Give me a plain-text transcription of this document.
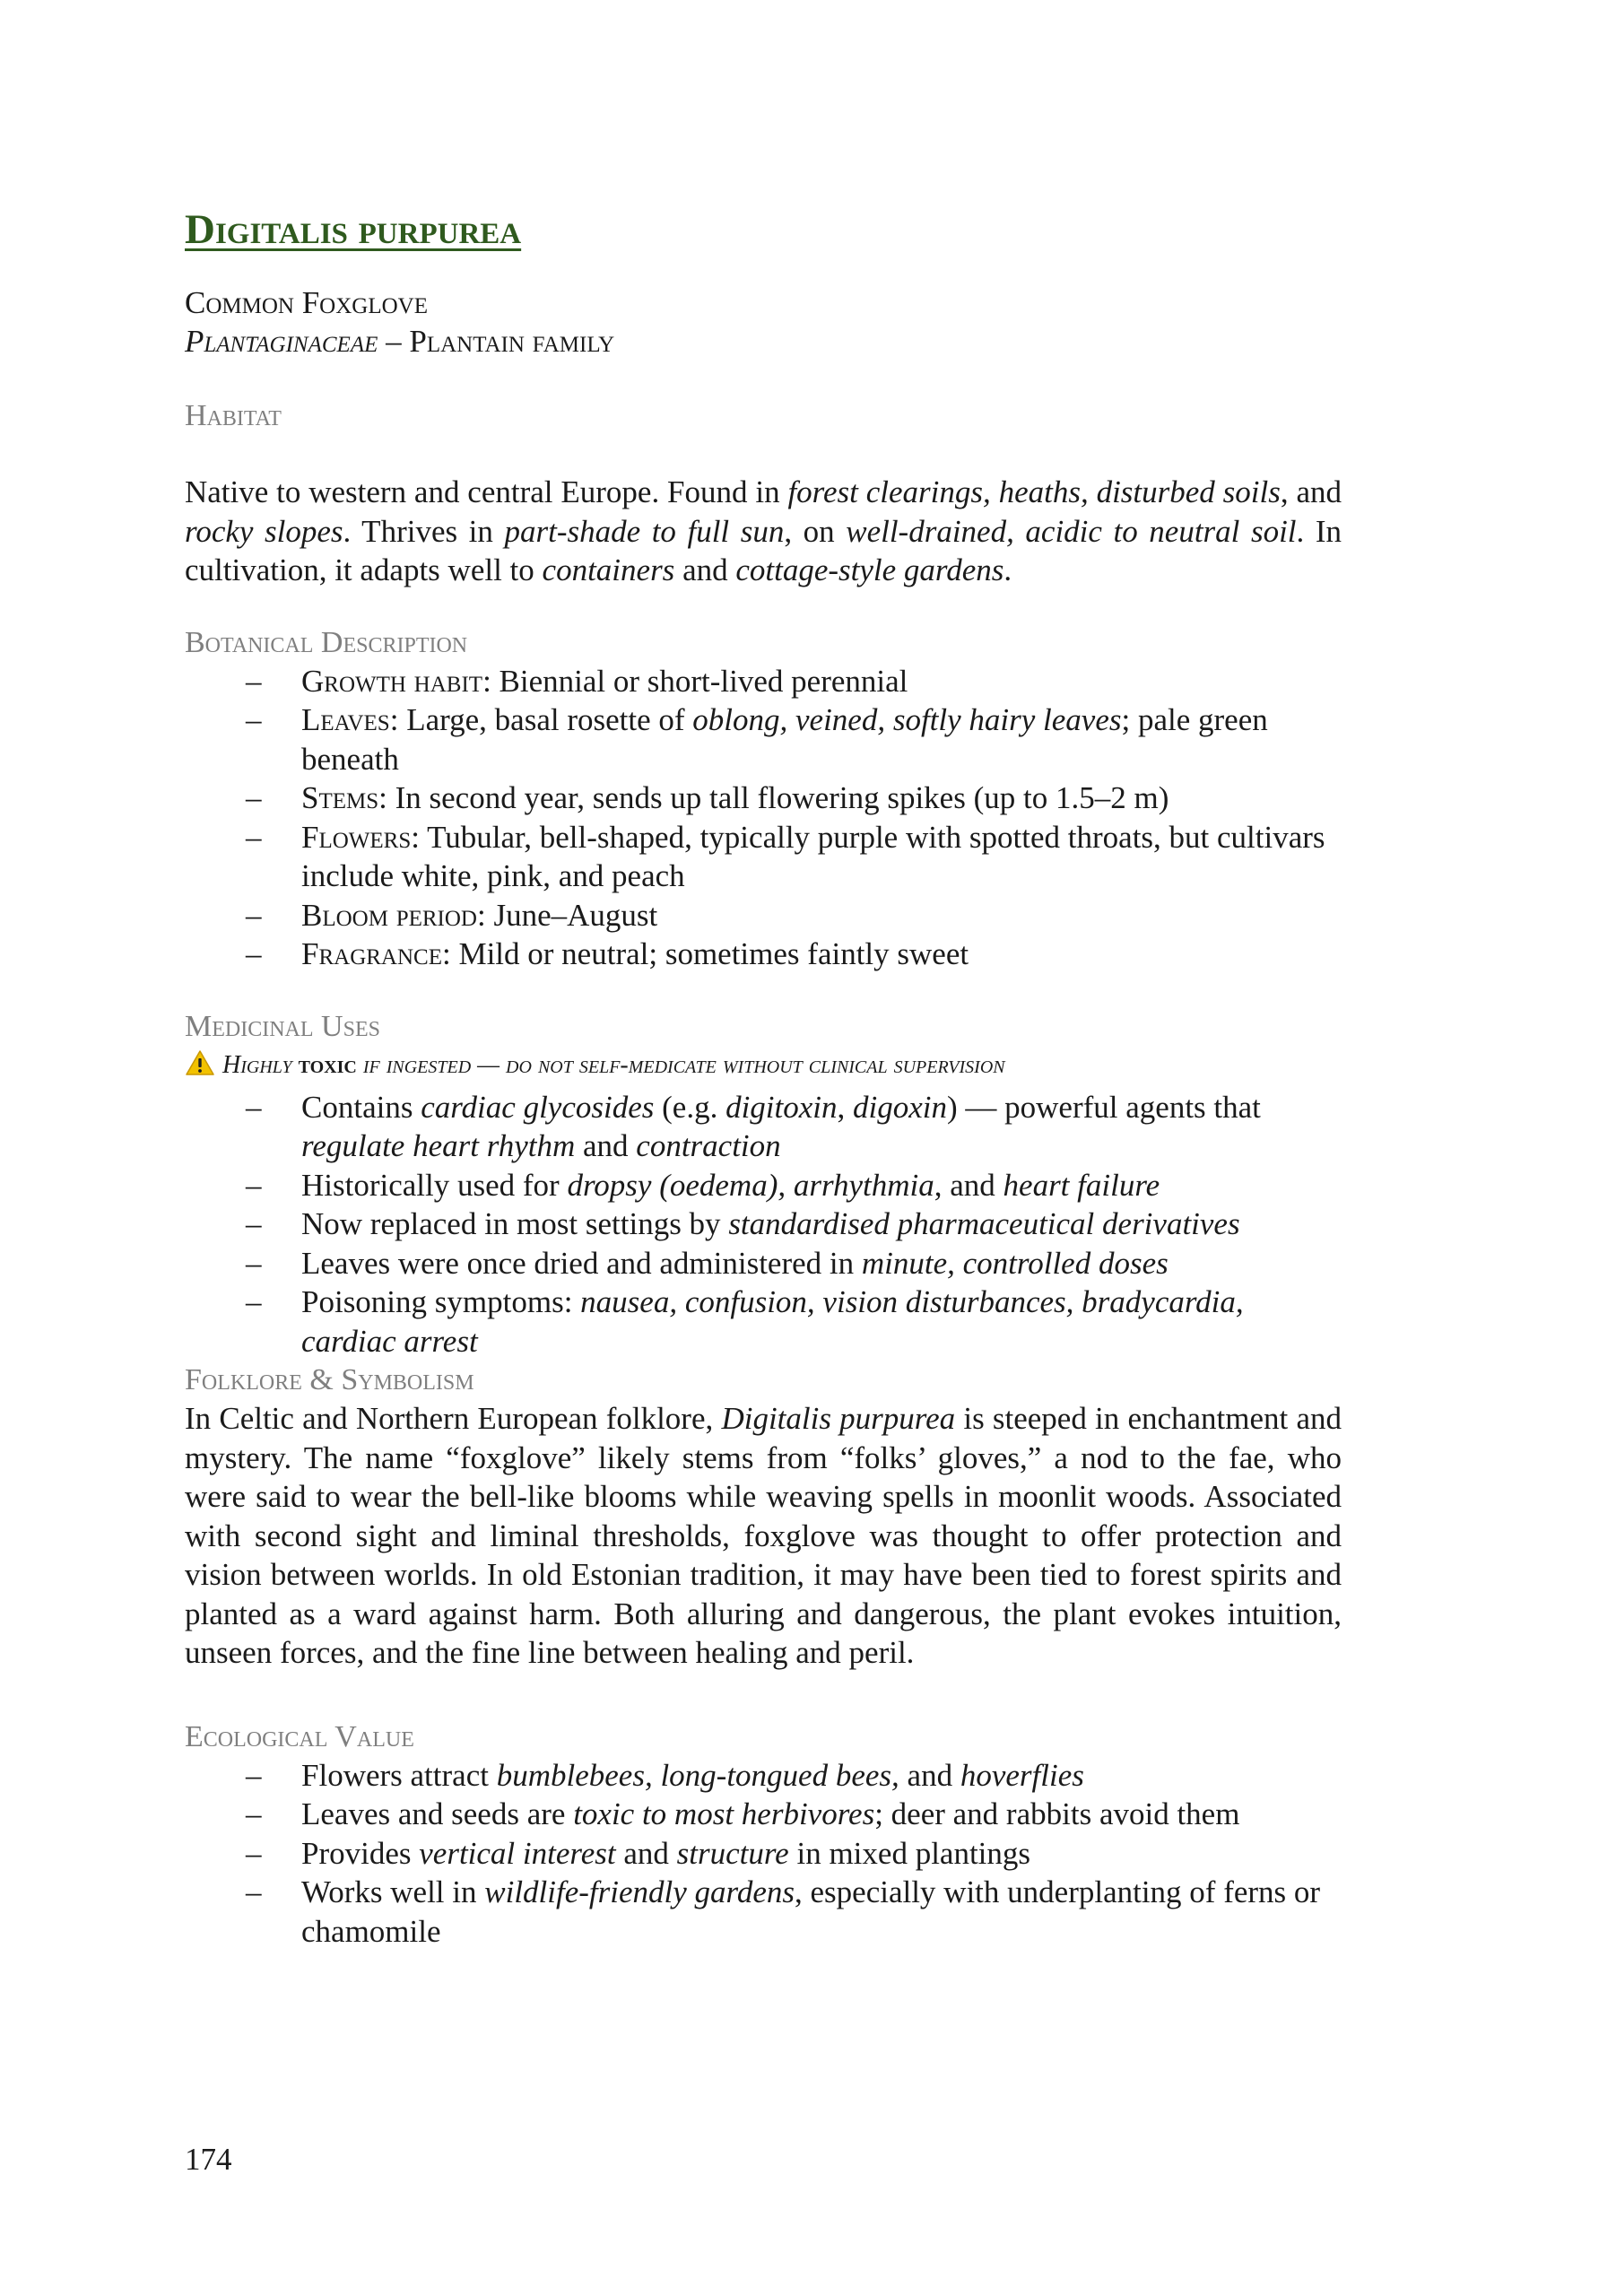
Digitalis purpurea
Common Foxglove
Plantaginaceae – Plantain family
Habitat

Native to western and central Europe. Found in forest clearings, heaths, disturbed soils, and rocky slopes. Thrives in part-shade to full sun, on well-drained, acidic to neutral soil. In cultivation, it adapts well to containers and cottage-style gardens.

Botanical Description
– Growth habit: Biennial or short-lived perennial
– Leaves: Large, basal rosette of oblong, veined, softly hairy leaves; pale green beneath
– Stems: In second year, sends up tall flowering spikes (up to 1.5–2 m)
– Flowers: Tubular, bell-shaped, typically purple with spotted throats, but cultivars include white, pink, and peach
– Bloom period: June–August
– Fragrance: Mild or neutral; sometimes faintly sweet
Medicinal Uses
Highly toxic if ingested — do not self-medicate without clinical supervision
– Contains cardiac glycosides (e.g. digitoxin, digoxin) — powerful agents that regulate heart rhythm and contraction
– Historically used for dropsy (oedema), arrhythmia, and heart failure
– Now replaced in most settings by standardised pharmaceutical derivatives
– Leaves were once dried and administered in minute, controlled doses
– Poisoning symptoms: nausea, confusion, vision disturbances, bradycardia, cardiac arrest
Folklore & Symbolism

In Celtic and Northern European folklore, Digitalis purpurea is steeped in enchantment and mystery. The name “foxglove” likely stems from “folks’ gloves,” a nod to the fae, who were said to wear the bell-like blooms while weaving spells in moonlit woods. Associated with second sight and liminal thresholds, foxglove was thought to offer protection and vision between worlds. In old Estonian tradition, it may have been tied to forest spirits and planted as a ward against harm. Both alluring and dangerous, the plant evokes intuition, unseen forces, and the fine line between healing and peril.

Ecological Value
– Flowers attract bumblebees, long-tongued bees, and hoverflies
– Leaves and seeds are toxic to most herbivores; deer and rabbits avoid them
– Provides vertical interest and structure in mixed plantings
– Works well in wildlife-friendly gardens, especially with underplanting of ferns or chamomile
174
